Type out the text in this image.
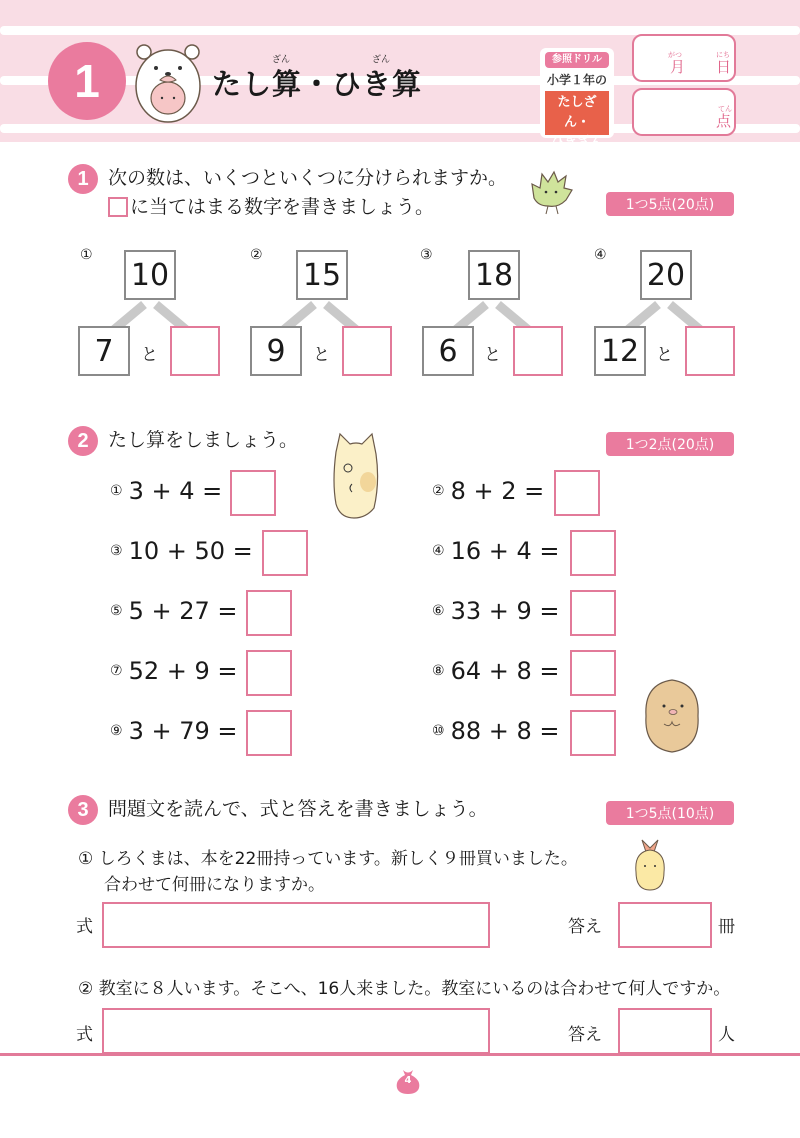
1	たし算・ひき算
ざん	ざん	参照ドリル
小学１年の
たしざん・
ひきざん
がつ
月
にち
日
てん
点
1	次の数は、いくつといくつに分けられますか。
に当てはまる数字を書きましょう。	1つ5点(20点)
①
10
7	と
②
15
9	と
③
18
6	と
④
20
12 と
2	たし算をしましょう。	1つ2点(20点)
① 3 + 4 =	② 8 + 2 =
③ 10 + 50 =	④ 16 + 4 =
⑤ 5 + 27 =	⑥ 33 + 9 =
⑦ 52 + 9 =	⑧ 64 + 8 =
⑨ 3 + 79 =	⑩ 88 + 8 =
3	問題文を読んで、式と答えを書きましょう。	1つ5点(10点)
① しろくまは、本を22冊持っています。新しく９冊買いました。
合わせて何冊になりますか。
式	答え	冊
② 教室に８人います。そこへ、16人来ました。教室にいるのは合わせて何人ですか。
式	答え	人
4
